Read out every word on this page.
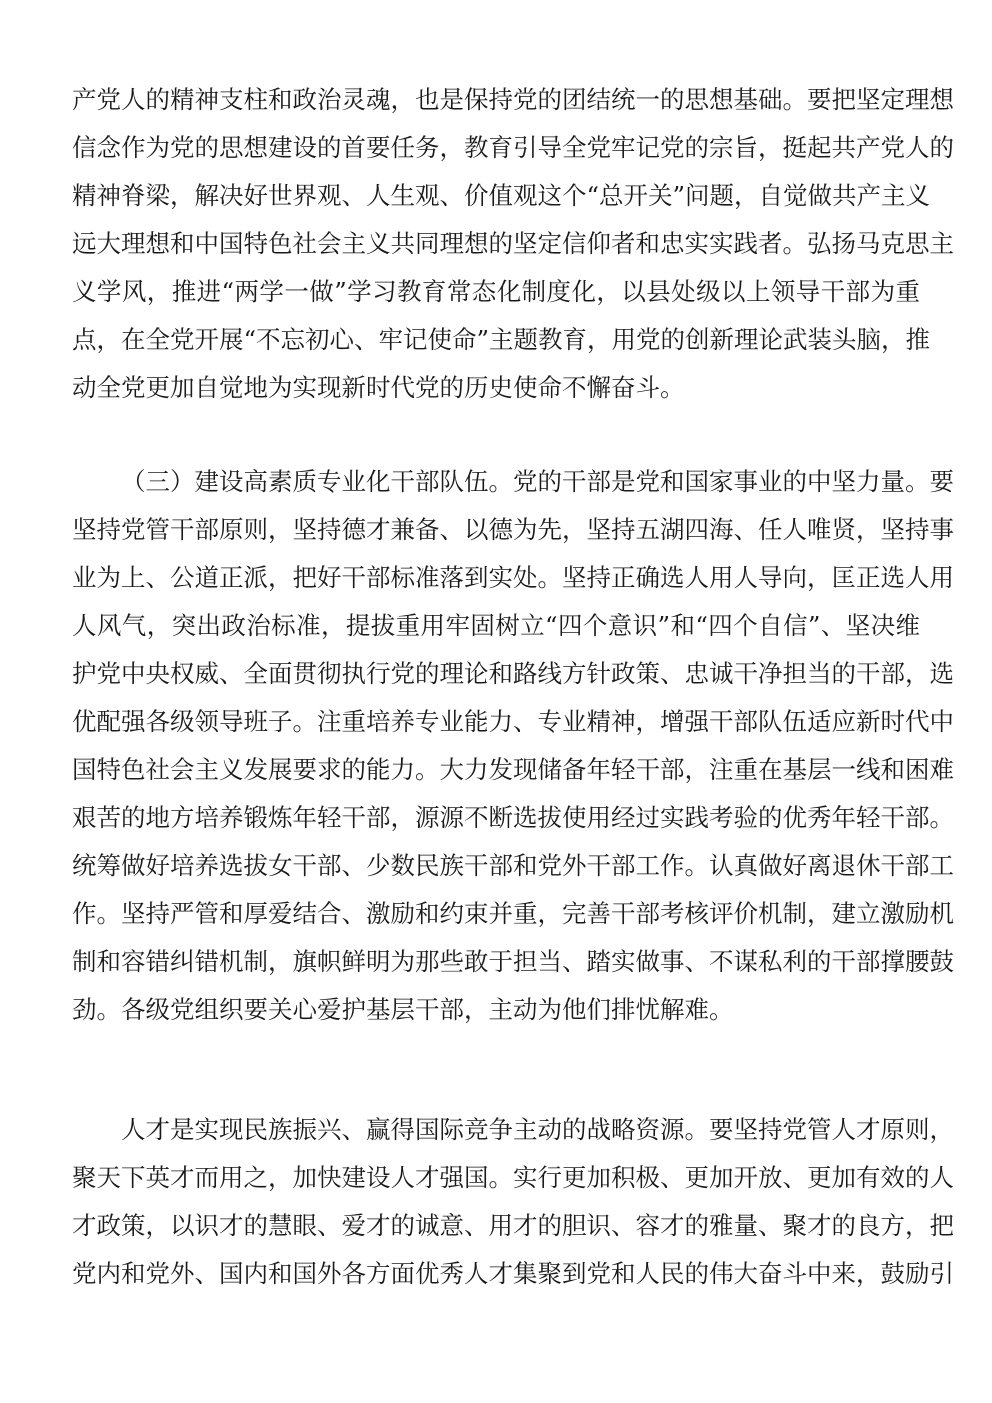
产党人的精神支柱和政治灵魂，也是保持党的团结统一的思想基础。要把坚定理想
信念作为党的思想建设的首要任务，教育引导全党牢记党的宗旨，挺起共产党人的
精神脊梁，解决好世界观、人生观、价值观这个“总开关”问题，自觉做共产主义
远大理想和中国特色社会主义共同理想的坚定信仰者和忠实实践者。弘扬马克思主
义学风，推进“两学一做”学习教育常态化制度化，以县处级以上领导干部为重
点，在全党开展“不忘初心、牢记使命”主题教育，用党的创新理论武装头脑，推
动全党更加自觉地为实现新时代党的历史使命不懈奋斗。
（三）建设高素质专业化干部队伍。党的干部是党和国家事业的中坚力量。要
坚持党管干部原则，坚持德才兼备、以德为先，坚持五湖四海、任人唯贤，坚持事
业为上、公道正派，把好干部标准落到实处。坚持正确选人用人导向，匡正选人用
人风气，突出政治标准，提拔重用牢固树立“四个意识”和“四个自信”、坚决维
护党中央权威、全面贯彻执行党的理论和路线方针政策、忠诚干净担当的干部，选
优配强各级领导班子。注重培养专业能力、专业精神，增强干部队伍适应新时代中
国特色社会主义发展要求的能力。大力发现储备年轻干部，注重在基层一线和困难
艰苦的地方培养锻炼年轻干部，源源不断选拔使用经过实践考验的优秀年轻干部。
统筹做好培养选拔女干部、少数民族干部和党外干部工作。认真做好离退休干部工
作。坚持严管和厚爱结合、激励和约束并重，完善干部考核评价机制，建立激励机
制和容错纠错机制，旗帜鲜明为那些敢于担当、踏实做事、不谋私利的干部撑腰鼓
劲。各级党组织要关心爱护基层干部，主动为他们排忧解难。
人才是实现民族振兴、赢得国际竞争主动的战略资源。要坚持党管人才原则，
聚天下英才而用之，加快建设人才强国。实行更加积极、更加开放、更加有效的人
才政策，以识才的慧眼、爱才的诚意、用才的胆识、容才的雅量、聚才的良方，把
党内和党外、国内和国外各方面优秀人才集聚到党和人民的伟大奋斗中来，鼓励引
